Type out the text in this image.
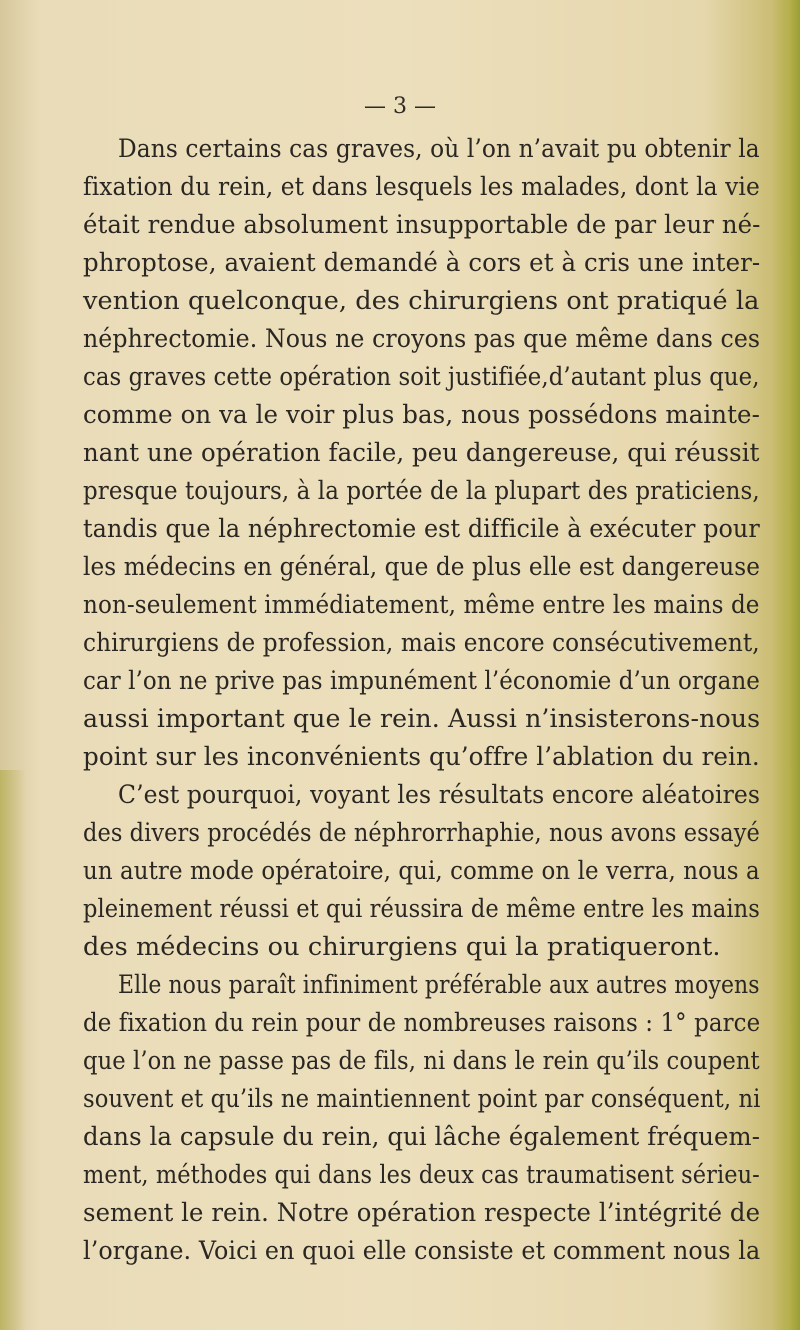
— 3 —
Dans certains cas graves, où l’on n’avait pu obtenir la
fixation du rein, et dans lesquels les malades, dont la vie
était rendue absolument insupportable de par leur né-
phroptose, avaient demandé à cors et à cris une inter-
vention quelconque, des chirurgiens ont pratiqué la
néphrectomie. Nous ne croyons pas que même dans ces
cas graves cette opération soit justifiée,d’autant plus que,
comme on va le voir plus bas, nous possédons mainte-
nant une opération facile, peu dangereuse, qui réussit
presque toujours, à la portée de la plupart des praticiens,
tandis que la néphrectomie est difficile à exécuter pour
les médecins en général, que de plus elle est dangereuse
non-seulement immédiatement, même entre les mains de
chirurgiens de profession, mais encore consécutivement,
car l’on ne prive pas impunément l’économie d’un organe
aussi important que le rein. Aussi n’insisterons-nous
point sur les inconvénients qu’offre l’ablation du rein.
C’est pourquoi, voyant les résultats encore aléatoires
des divers procédés de néphrorrhaphie, nous avons essayé
un autre mode opératoire, qui, comme on le verra, nous a
pleinement réussi et qui réussira de même entre les mains
des médecins ou chirurgiens qui la pratiqueront.
Elle nous paraît infiniment préférable aux autres moyens
de fixation du rein pour de nombreuses raisons : 1° parce
que l’on ne passe pas de fils, ni dans le rein qu’ils coupent
souvent et qu’ils ne maintiennent point par conséquent, ni
dans la capsule du rein, qui lâche également fréquem-
ment, méthodes qui dans les deux cas traumatisent sérieu-
sement le rein. Notre opération respecte l’intégrité de
l’organe. Voici en quoi elle consiste et comment nous la
